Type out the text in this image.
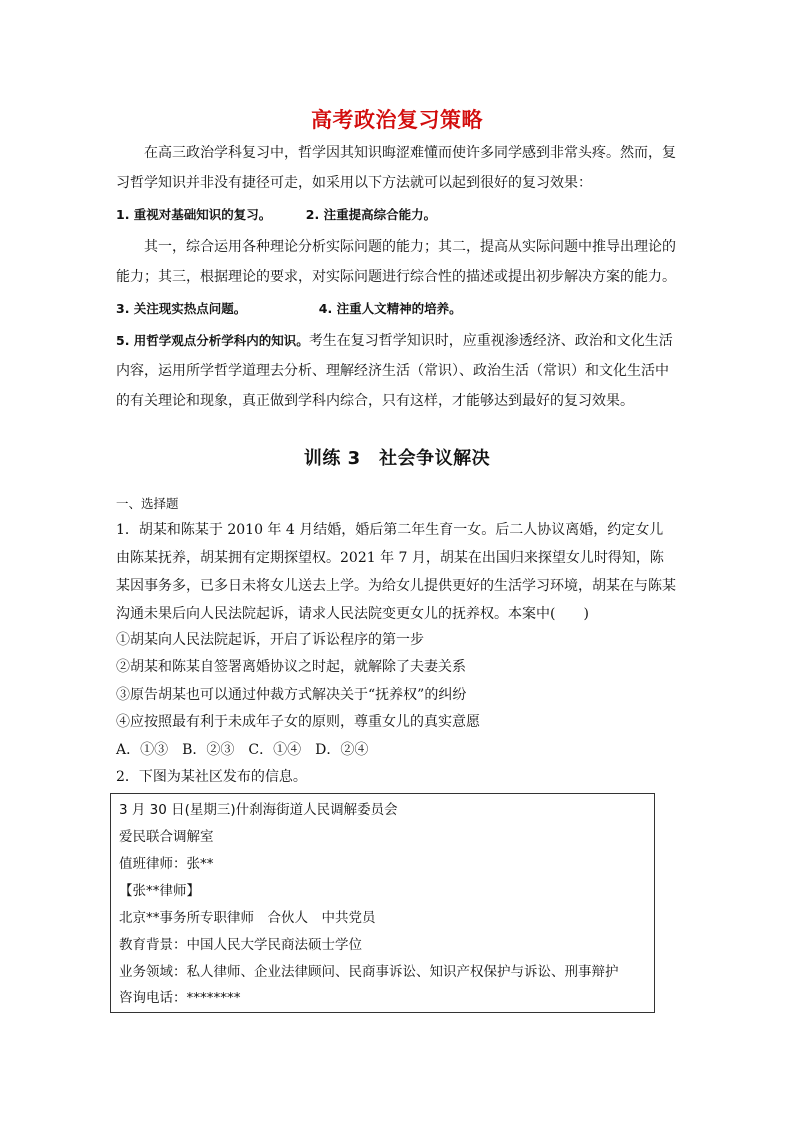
高考政治复习策略

在高三政治学科复习中，哲学因其知识晦涩难懂而使许多同学感到非常头疼。然而，复习哲学知识并非没有捷径可走，如采用以下方法就可以起到很好的复习效果：

1. 重视对基础知识的复习。	2. 注重提高综合能力。

其一，综合运用各种理论分析实际问题的能力；其二，提高从实际问题中推导出理论的能力；其三，根据理论的要求，对实际问题进行综合性的描述或提出初步解决方案的能力。

3. 关注现实热点问题。	4. 注重人文精神的培养。

5. 用哲学观点分析学科内的知识。考生在复习哲学知识时，应重视渗透经济、政治和文化生活内容，运用所学哲学道理去分析、理解经济生活（常识）、政治生活（常识）和文化生活中的有关理论和现象，真正做到学科内综合，只有这样，才能够达到最好的复习效果。

训练 3　社会争议解决
一、选择题

1．胡某和陈某于 2010 年 4 月结婚，婚后第二年生育一女。后二人协议离婚，约定女儿由陈某抚养，胡某拥有定期探望权。2021 年 7 月，胡某在出国归来探望女儿时得知，陈某因事务多，已多日未将女儿送去上学。为给女儿提供更好的生活学习环境，胡某在与陈某沟通未果后向人民法院起诉，请求人民法院变更女儿的抚养权。本案中(　　)

①胡某向人民法院起诉，开启了诉讼程序的第一步
②胡某和陈某自签署离婚协议之时起，就解除了夫妻关系
③原告胡某也可以通过仲裁方式解决关于“抚养权”的纠纷
④应按照最有利于未成年子女的原则，尊重女儿的真实意愿
A．①③　B．②③　C．①④　D．②④
2．下图为某社区发布的信息。
3 月 30 日(星期三)什刹海街道人民调解委员会
爱民联合调解室
值班律师：张**
【张**律师】
北京**事务所专职律师　合伙人　中共党员
教育背景：中国人民大学民商法硕士学位
业务领域：私人律师、企业法律顾问、民商事诉讼、知识产权保护与诉讼、刑事辩护
咨询电话：********
